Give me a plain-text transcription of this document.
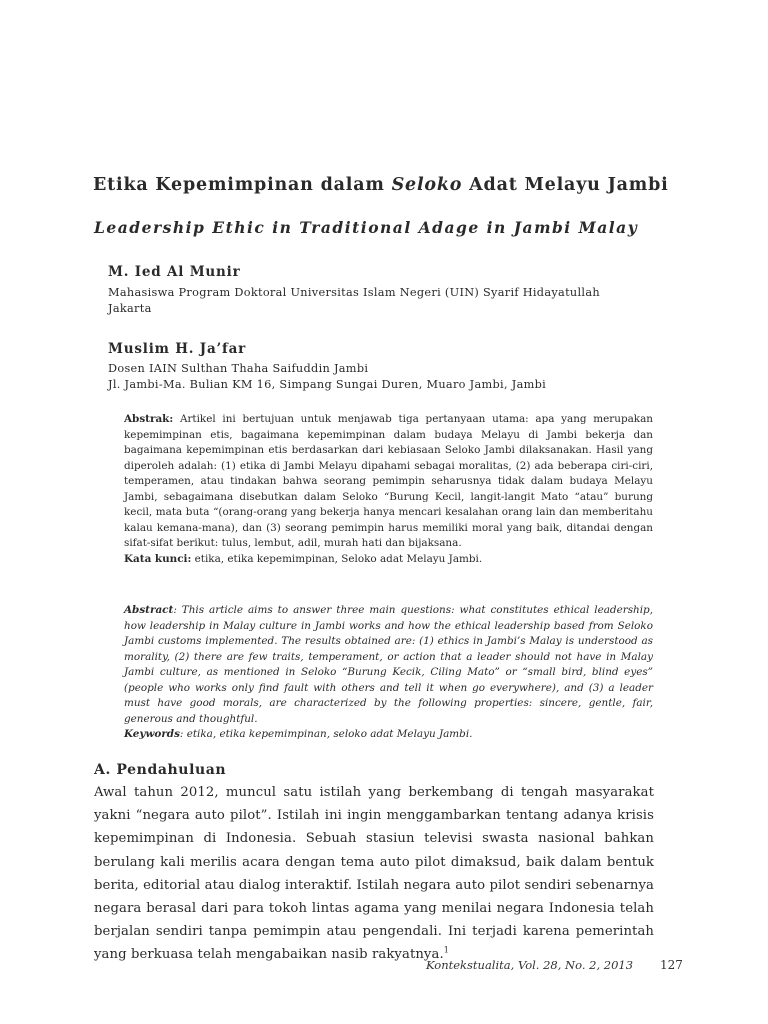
Etika Kepemimpinan dalam Seloko Adat Melayu Jambi
Leadership Ethic in Traditional Adage in Jambi Malay
M. Ied Al Munir
Mahasiswa Program Doktoral Universitas Islam Negeri (UIN) Syarif Hidayatullah
Jakarta
Muslim H. Ja’far
Dosen IAIN Sulthan Thaha Saifuddin Jambi
Jl. Jambi-Ma. Bulian KM 16, Simpang Sungai Duren, Muaro Jambi, Jambi

Abstrak: Artikel ini bertujuan untuk menjawab tiga pertanyaan utama: apa yang merupakan kepemimpinan etis, bagaimana kepemimpinan dalam budaya Melayu di Jambi bekerja dan bagaimana kepemimpinan etis berdasarkan dari kebiasaan Seloko Jambi dilaksanakan. Hasil yang diperoleh adalah: (1) etika di Jambi Melayu dipahami sebagai moralitas, (2) ada beberapa ciri-ciri, temperamen, atau tindakan bahwa seorang pemimpin seharusnya tidak dalam budaya Melayu Jambi, sebagaimana disebutkan dalam Seloko “Burung Kecil, langit-langit Mato “atau” burung kecil, mata buta “(orang-orang yang bekerja hanya mencari kesalahan orang lain dan memberitahu kalau kemana-mana), dan (3) seorang pemimpin harus memiliki moral yang baik, ditandai dengan sifat-sifat berikut: tulus, lembut, adil, murah hati dan bijaksana.

Kata kunci: etika, etika kepemimpinan, Seloko adat Melayu Jambi.

Abstract: This article aims to answer three main questions: what constitutes ethical leadership, how leadership in Malay culture in Jambi works and how the ethical leadership based from Seloko Jambi customs implemented. The results obtained are: (1) ethics in Jambi’s Malay is understood as morality, (2) there are few traits, temperament, or action that a leader should not have in Malay Jambi culture, as mentioned in Seloko “Burung Kecik, Ciling Mato” or “small bird, blind eyes” (people who works only find fault with others and tell it when go everywhere), and (3) a leader must have good morals, are characterized by the following properties: sincere, gentle, fair, generous and thoughtful.

Keywords: etika, etika kepemimpinan, seloko adat Melayu Jambi.

A. Pendahuluan

Awal tahun 2012, muncul satu istilah yang berkembang di tengah masyarakat yakni “negara auto pilot”. Istilah ini ingin menggambarkan tentang adanya krisis kepemimpinan di Indonesia. Sebuah stasiun televisi swasta nasional bahkan berulang kali merilis acara dengan tema auto pilot dimaksud, baik dalam bentuk berita, editorial atau dialog interaktif. Istilah negara auto pilot sendiri sebenarnya negara berasal dari para tokoh lintas agama yang menilai negara Indonesia telah berjalan sendiri tanpa pemimpin atau pengendali. Ini terjadi karena pemerintah yang berkuasa telah mengabaikan nasib rakyatnya.$^1$

Kontekstualita, Vol. 28, No. 2, 2013 127
